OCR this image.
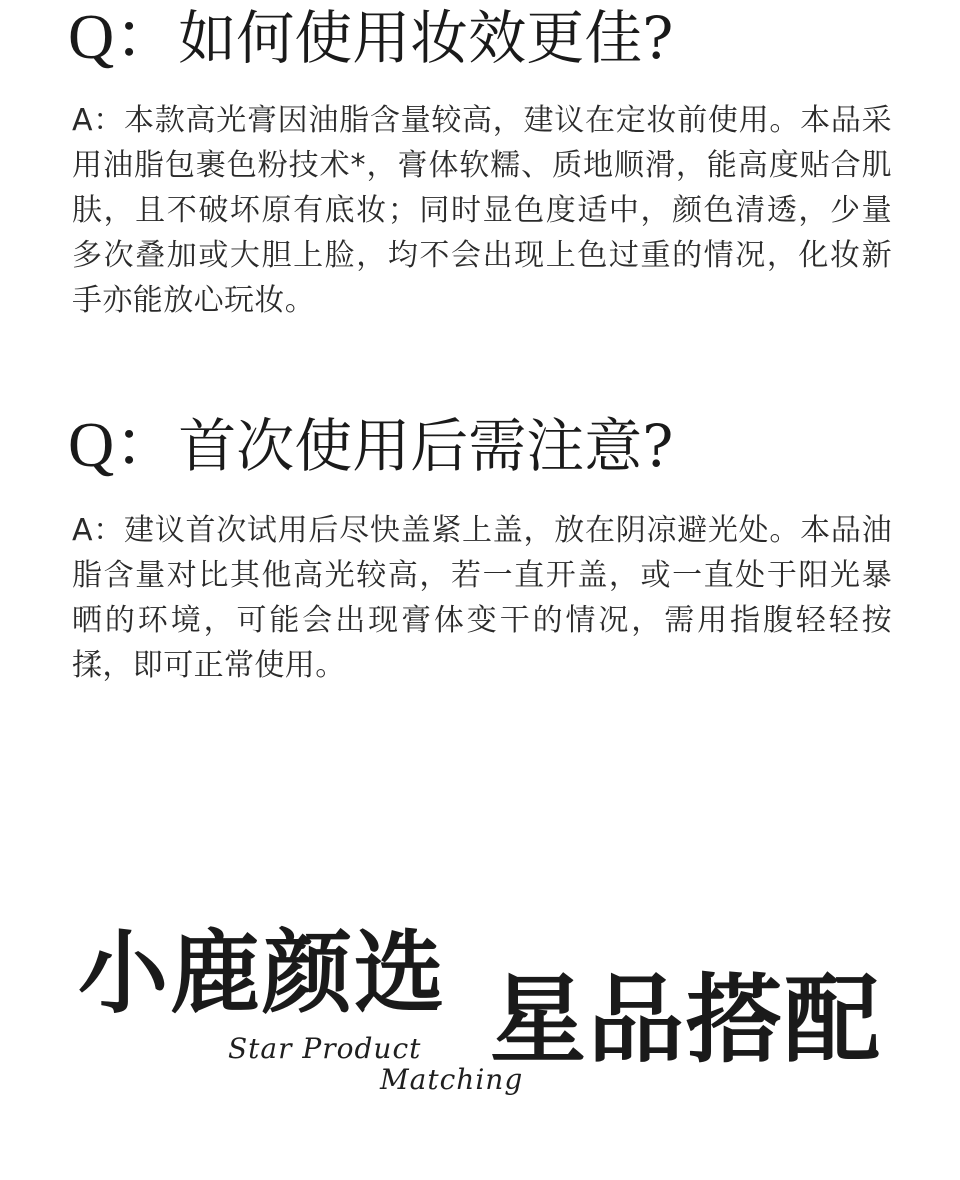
Q：如何使用妆效更佳?

A：本款高光膏因油脂含量较高，建议在定妆前使用。本品采用油脂包裹色粉技术*，膏体软糯、质地顺滑，能高度贴合肌肤，且不破坏原有底妆；同时显色度适中，颜色清透，少量多次叠加或大胆上脸，均不会出现上色过重的情况，化妆新手亦能放心玩妆。

Q：首次使用后需注意?

A：建议首次试用后尽快盖紧上盖，放在阴凉避光处。本品油脂含量对比其他高光较高，若一直开盖，或一直处于阳光暴晒的环境，可能会出现膏体变干的情况，需用指腹轻轻按揉，即可正常使用。

小鹿颜选 星品搭配
Star Product
Matching
